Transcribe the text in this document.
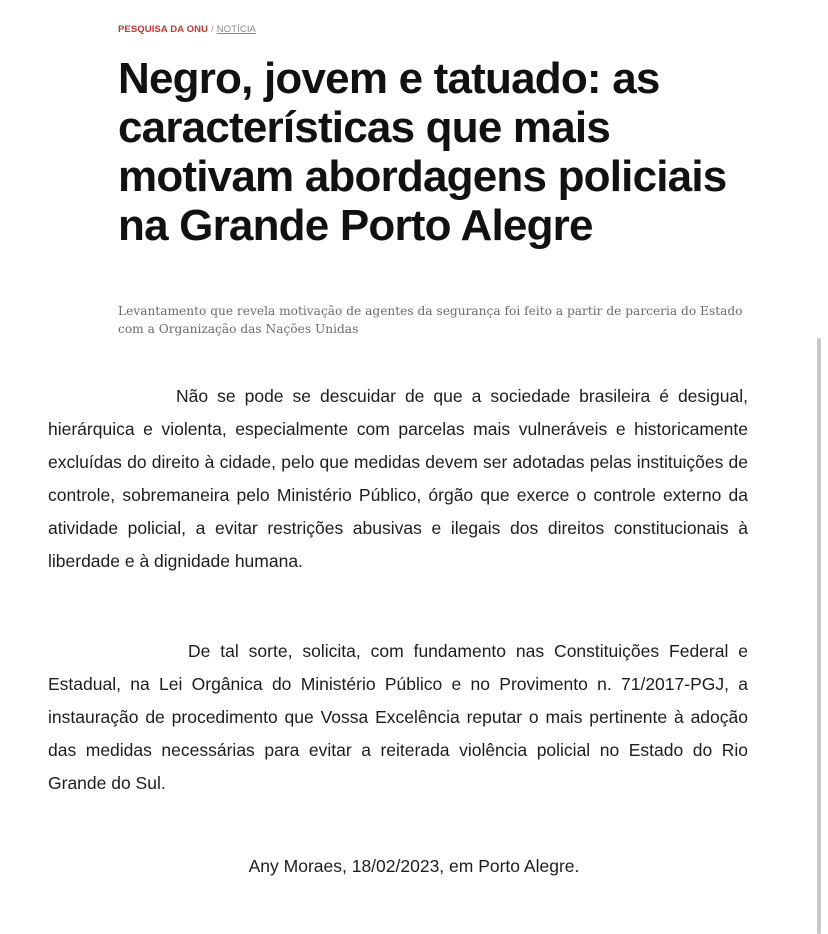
PESQUISA DA ONU / NOTÍCIA
Negro, jovem e tatuado: as características que mais motivam abordagens policiais na Grande Porto Alegre

Levantamento que revela motivação de agentes da segurança foi feito a partir de parceria do Estado com a Organização das Nações Unidas

Não se pode se descuidar de que a sociedade brasileira é desigual, hierárquica e violenta, especialmente com parcelas mais vulneráveis e historicamente excluídas do direito à cidade, pelo que medidas devem ser adotadas pelas instituições de controle, sobremaneira pelo Ministério Público, órgão que exerce o controle externo da atividade policial, a evitar restrições abusivas e ilegais dos direitos constitucionais à liberdade e à dignidade humana.

De tal sorte, solicita, com fundamento nas Constituições Federal e Estadual, na Lei Orgânica do Ministério Público e no Provimento n. 71/2017-PGJ, a instauração de procedimento que Vossa Excelência reputar o mais pertinente à adoção das medidas necessárias para evitar a reiterada violência policial no Estado do Rio Grande do Sul.

Any Moraes, 18/02/2023, em Porto Alegre.
